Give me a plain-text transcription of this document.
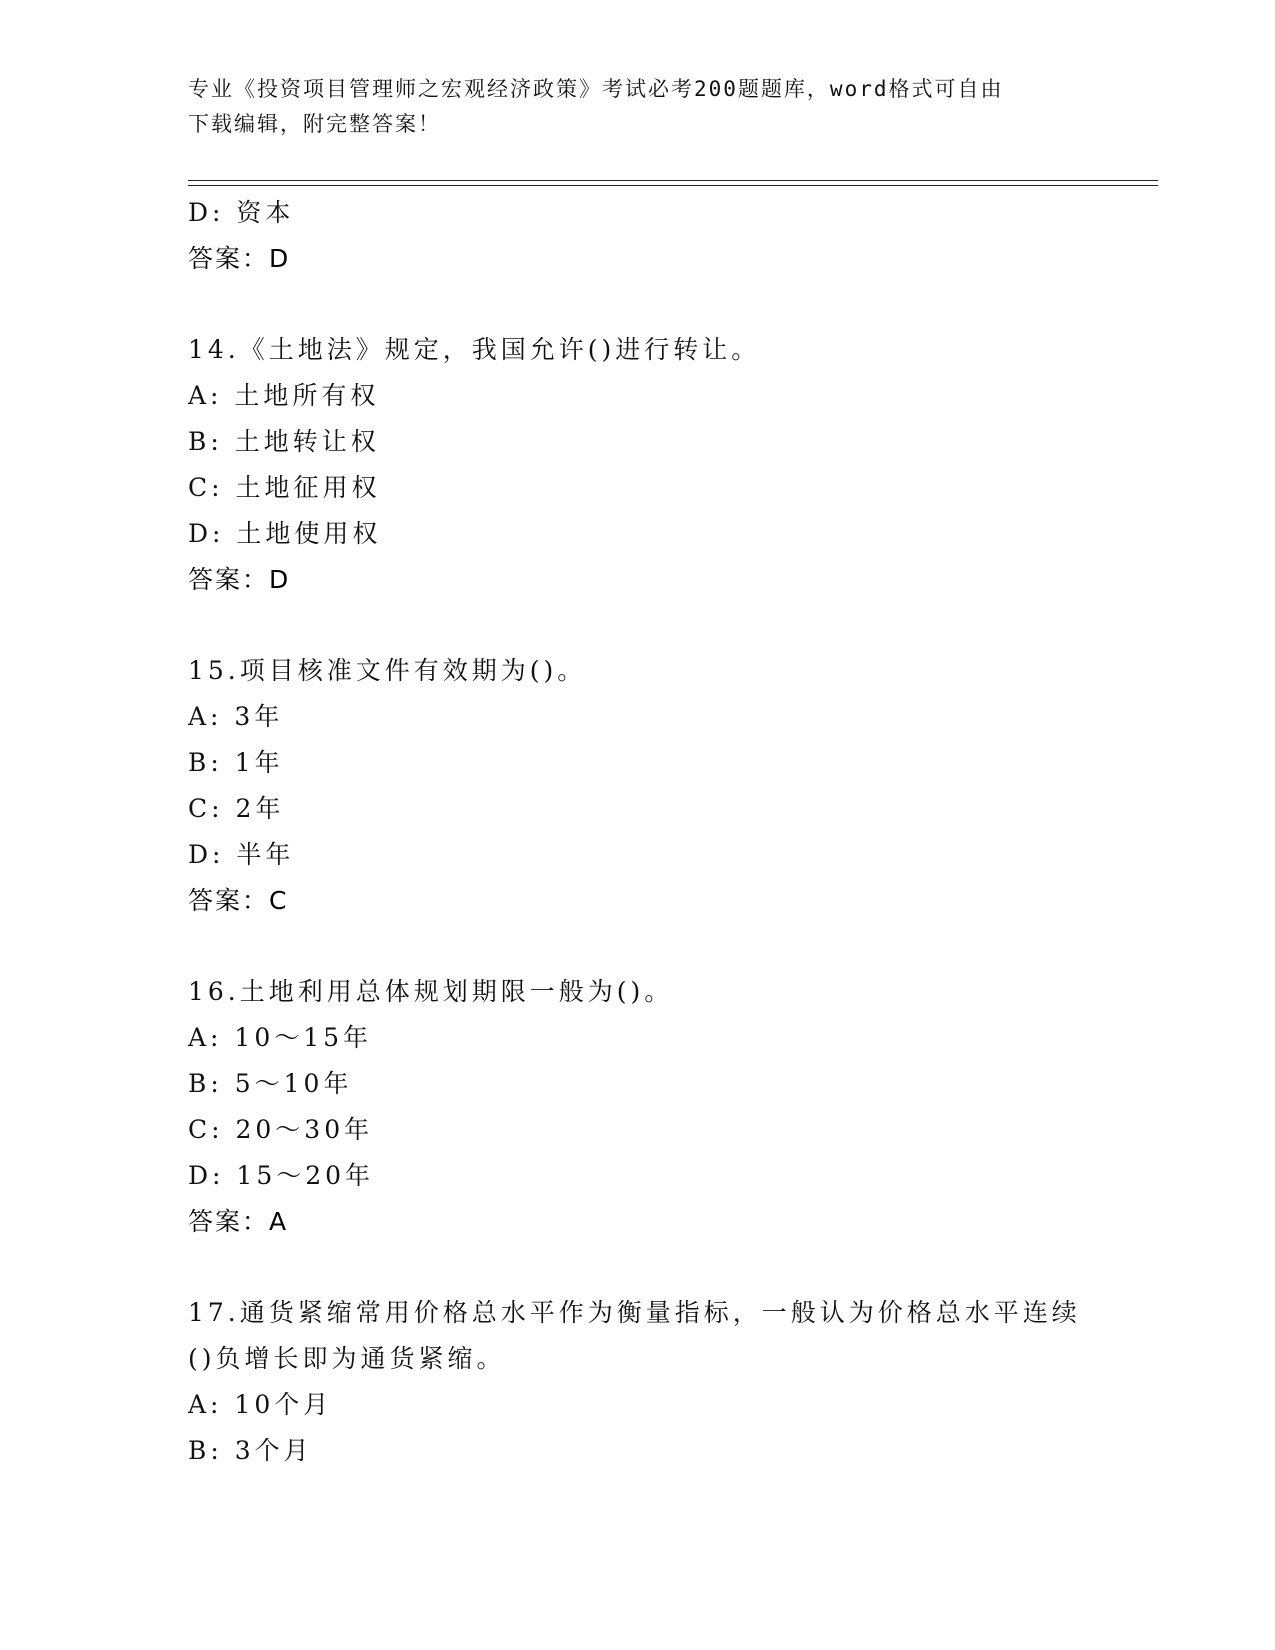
专业《投资项目管理师之宏观经济政策》考试必考200题题库，word格式可自由
下载编辑，附完整答案！
D: 资本
答案：D
14.《土地法》规定，我国允许()进行转让。
A: 土地所有权
B: 土地转让权
C: 土地征用权
D: 土地使用权
答案：D
15.项目核准文件有效期为()。
A: 3年
B: 1年
C: 2年
D: 半年
答案：C
16.土地利用总体规划期限一般为()。
A: 10～15年
B: 5～10年
C: 20～30年
D: 15～20年
答案：A
17.通货紧缩常用价格总水平作为衡量指标，一般认为价格总水平连续
()负增长即为通货紧缩。
A: 10个月
B: 3个月
